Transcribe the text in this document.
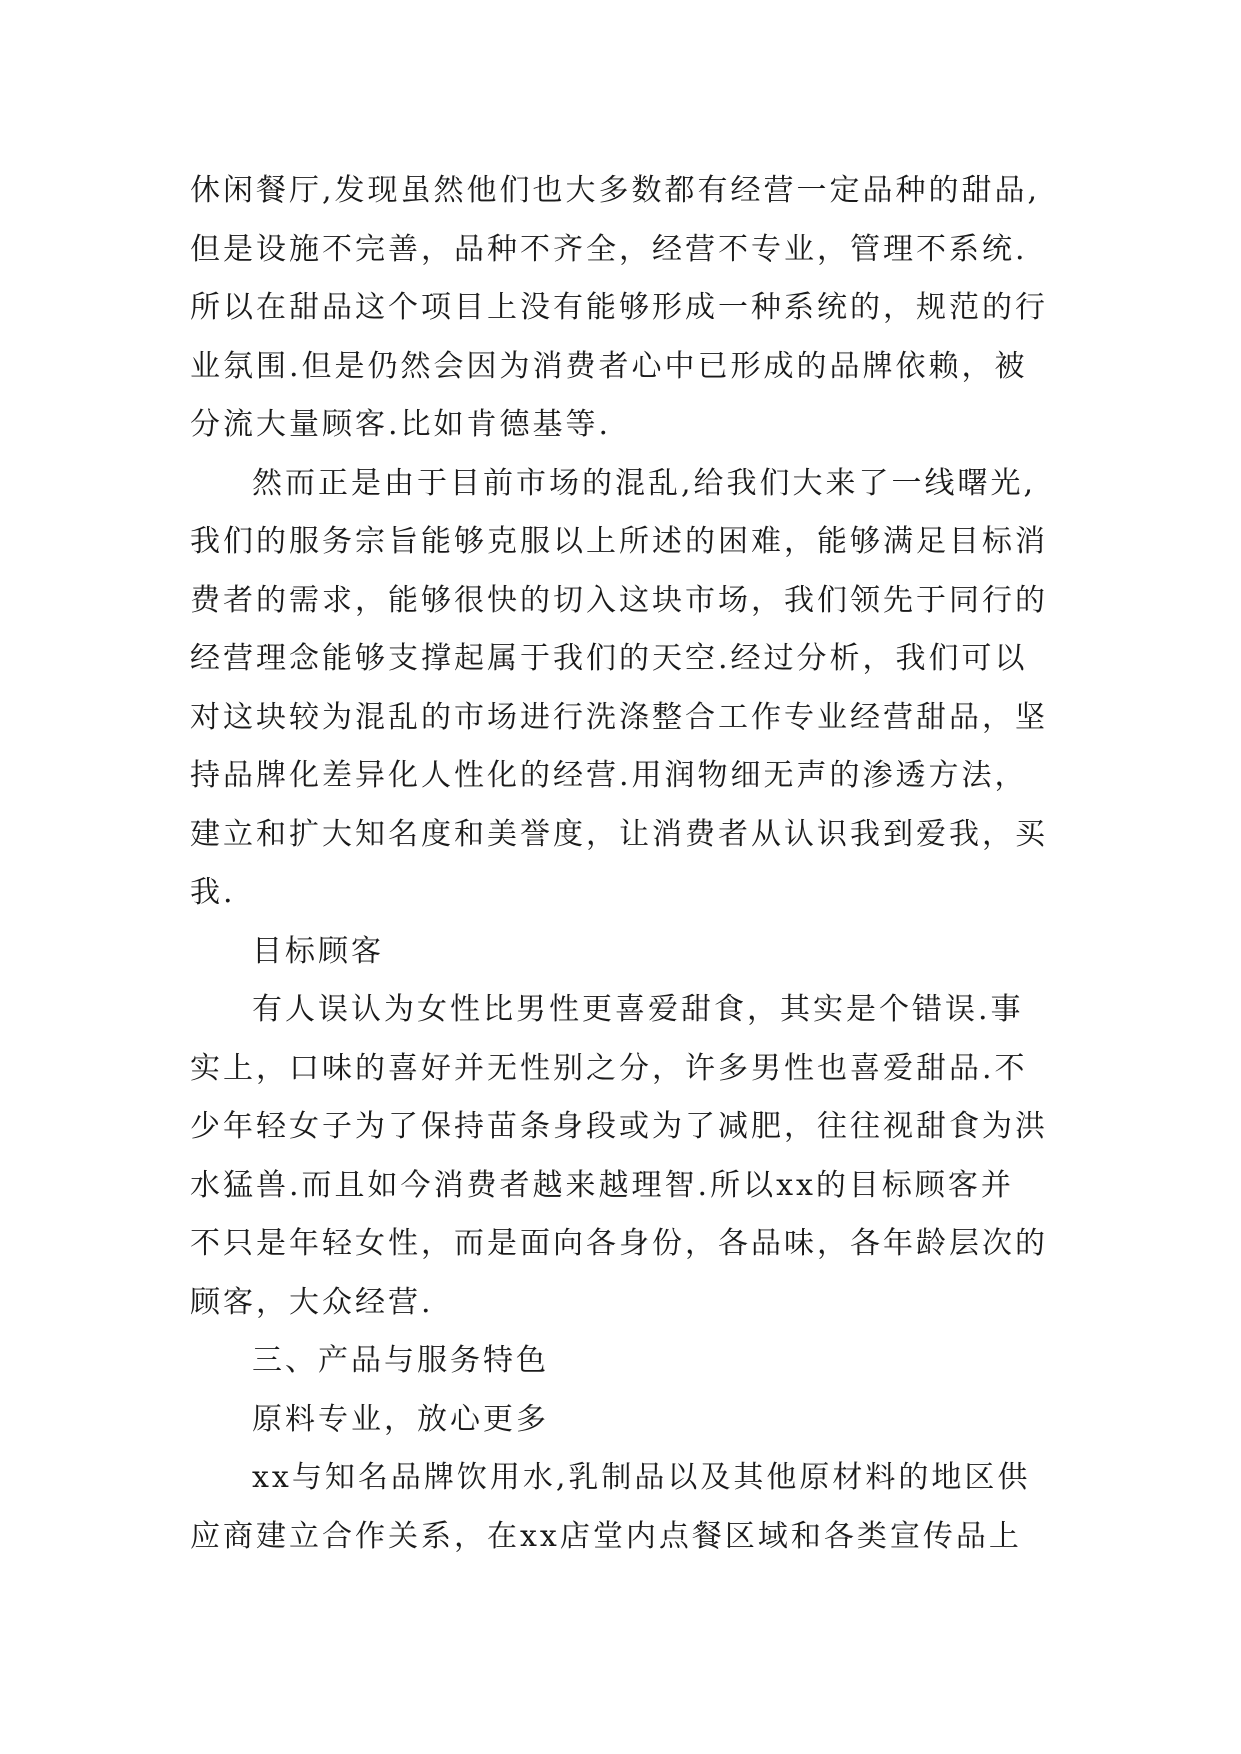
休闲餐厅,发现虽然他们也大多数都有经营一定品种的甜品,
但是设施不完善，品种不齐全，经营不专业，管理不系统.
所以在甜品这个项目上没有能够形成一种系统的，规范的行
业氛围.但是仍然会因为消费者心中已形成的品牌依赖，被
分流大量顾客.比如肯德基等.
然而正是由于目前市场的混乱,给我们大来了一线曙光,
我们的服务宗旨能够克服以上所述的困难，能够满足目标消
费者的需求，能够很快的切入这块市场，我们领先于同行的
经营理念能够支撑起属于我们的天空.经过分析，我们可以
对这块较为混乱的市场进行洗涤整合工作专业经营甜品，坚
持品牌化差异化人性化的经营.用润物细无声的渗透方法，
建立和扩大知名度和美誉度，让消费者从认识我到爱我，买
我.
目标顾客
有人误认为女性比男性更喜爱甜食，其实是个错误.事
实上，口味的喜好并无性别之分，许多男性也喜爱甜品.不
少年轻女子为了保持苗条身段或为了减肥，往往视甜食为洪
水猛兽.而且如今消费者越来越理智.所以xx的目标顾客并
不只是年轻女性，而是面向各身份，各品味，各年龄层次的
顾客，大众经营.
三、产品与服务特色
原料专业，放心更多
xx与知名品牌饮用水,乳制品以及其他原材料的地区供
应商建立合作关系，在xx店堂内点餐区域和各类宣传品上
